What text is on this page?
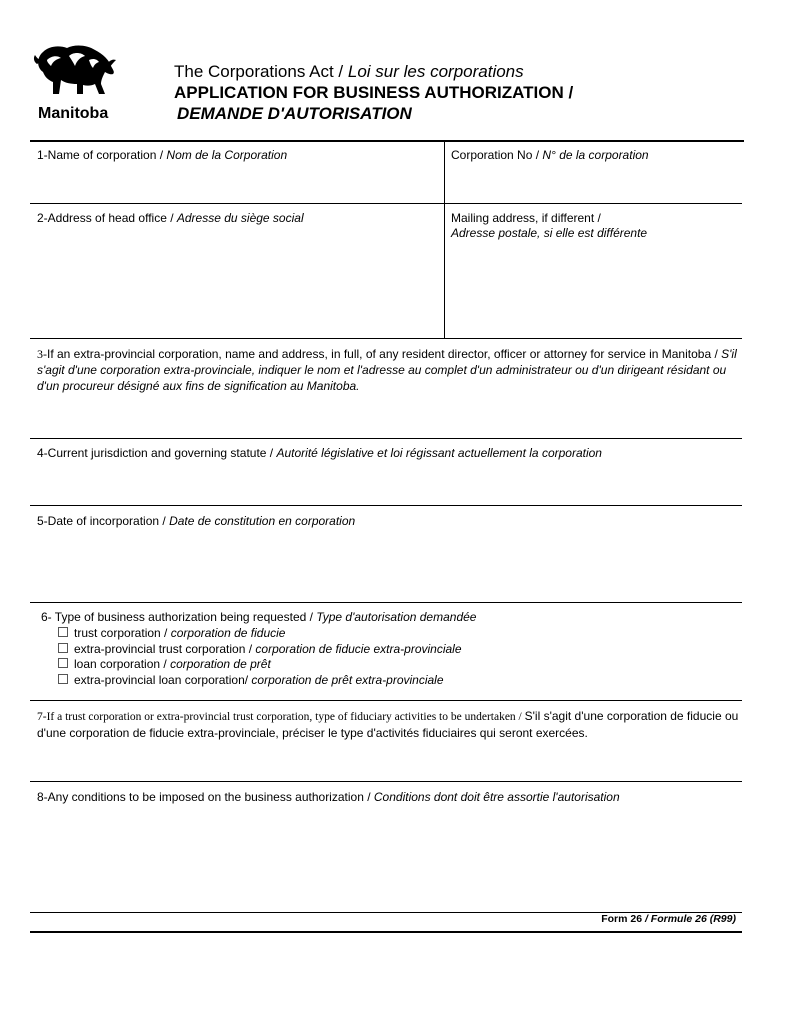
Manitoba
The Corporations Act / Loi sur les corporations
APPLICATION FOR BUSINESS AUTHORIZATION /
DEMANDE D'AUTORISATION
1-Name of corporation / Nom de la Corporation	Corporation No / N° de la corporation
2-Address of head office / Adresse du siège social	Mailing address, if different /
Adresse postale, si elle est différente
3-If an extra-provincial corporation, name and address, in full, of any resident director, officer or attorney for service in Manitoba / S'il s'agit d'une corporation extra-provinciale, indiquer le nom et l'adresse au complet d'un administrateur ou d'un dirigeant résidant ou d'un procureur désigné aux fins de signification au Manitoba.
4-Current jurisdiction and governing statute / Autorité législative et loi régissant actuellement la corporation
5-Date of incorporation / Date de constitution en corporation
6- Type of business authorization being requested / Type d'autorisation demandée
trust corporation / corporation de fiducie
extra-provincial trust corporation / corporation de fiducie extra-provinciale
loan corporation / corporation de prêt
extra-provincial loan corporation/ corporation de prêt extra-provinciale
7-If a trust corporation or extra-provincial trust corporation, type of fiduciary activities to be undertaken / S'il s'agit d'une corporation de fiducie ou d'une corporation de fiducie extra-provinciale, préciser le type d'activités fiduciaires qui seront exercées.
8-Any conditions to be imposed on the business authorization / Conditions dont doit être assortie l'autorisation
Form 26 / Formule 26 (R99)
